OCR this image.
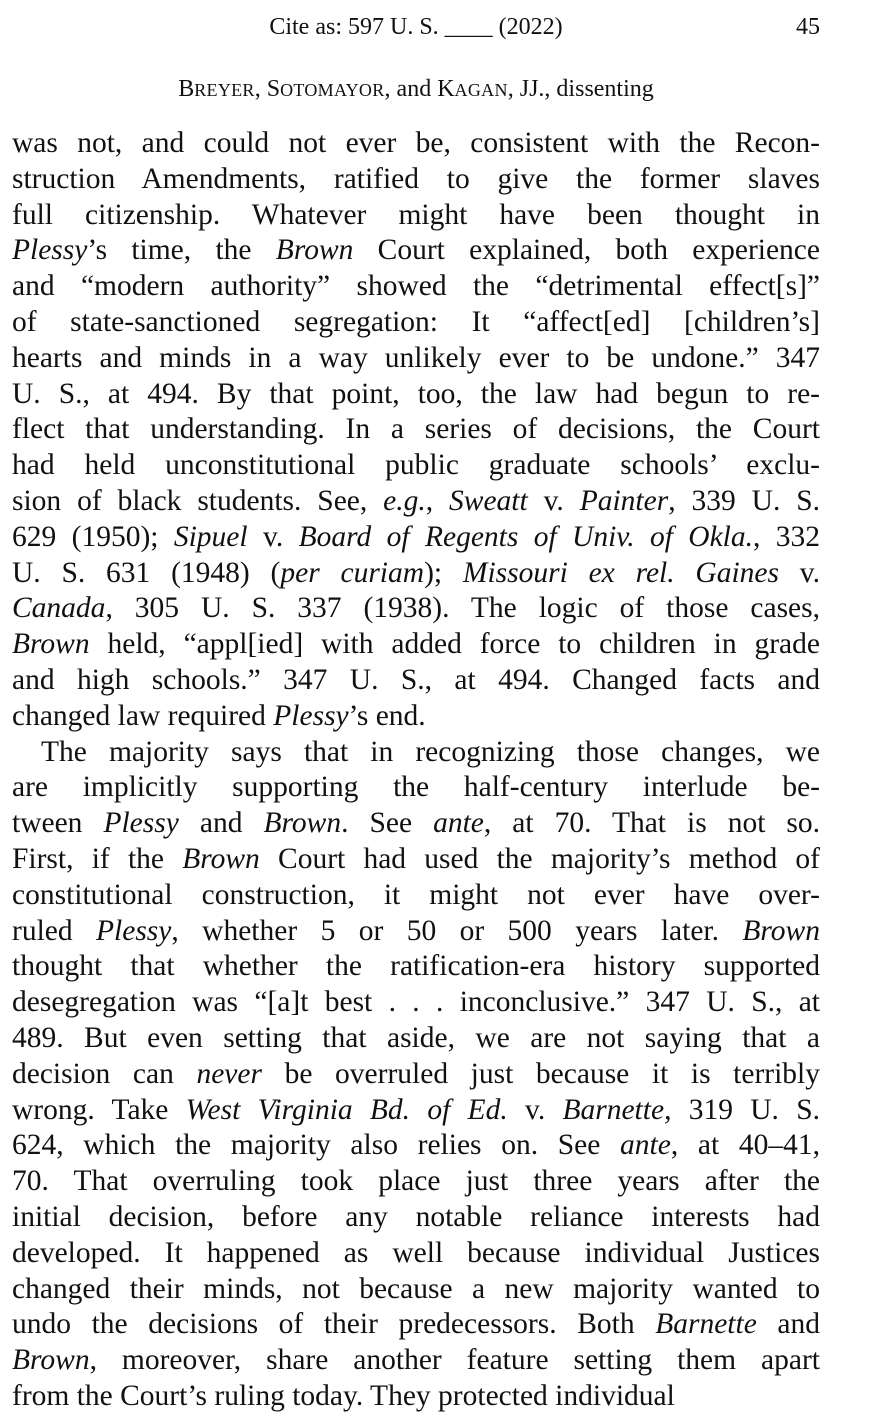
Cite as: 597 U. S. ____ (2022)	45
BREYER, SOTOMAYOR, and KAGAN, JJ., dissenting
was not, and could not ever be, consistent with the Recon-
struction Amendments, ratified to give the former slaves
full citizenship. Whatever might have been thought in
Plessy’s time, the Brown Court explained, both experience
and “modern authority” showed the “detrimental effect[s]”
of state-sanctioned segregation: It “affect[ed] [children’s]
hearts and minds in a way unlikely ever to be undone.” 347
U. S., at 494. By that point, too, the law had begun to re-
flect that understanding. In a series of decisions, the Court
had held unconstitutional public graduate schools’ exclu-
sion of black students. See, e.g., Sweatt v. Painter, 339 U. S.
629 (1950); Sipuel v. Board of Regents of Univ. of Okla., 332
U. S. 631 (1948) (per curiam); Missouri ex rel. Gaines v.
Canada, 305 U. S. 337 (1938). The logic of those cases,
Brown held, “appl[ied] with added force to children in grade
and high schools.” 347 U. S., at 494. Changed facts and
changed law required Plessy’s end.
The majority says that in recognizing those changes, we
are implicitly supporting the half-century interlude be-
tween Plessy and Brown. See ante, at 70. That is not so.
First, if the Brown Court had used the majority’s method of
constitutional construction, it might not ever have over-
ruled Plessy, whether 5 or 50 or 500 years later. Brown
thought that whether the ratification-era history supported
desegregation was “[a]t best . . . inconclusive.” 347 U. S., at
489. But even setting that aside, we are not saying that a
decision can never be overruled just because it is terribly
wrong. Take West Virginia Bd. of Ed. v. Barnette, 319 U. S.
624, which the majority also relies on. See ante, at 40–41,
70. That overruling took place just three years after the
initial decision, before any notable reliance interests had
developed. It happened as well because individual Justices
changed their minds, not because a new majority wanted to
undo the decisions of their predecessors. Both Barnette and
Brown, moreover, share another feature setting them apart
from the Court’s ruling today. They protected individual
